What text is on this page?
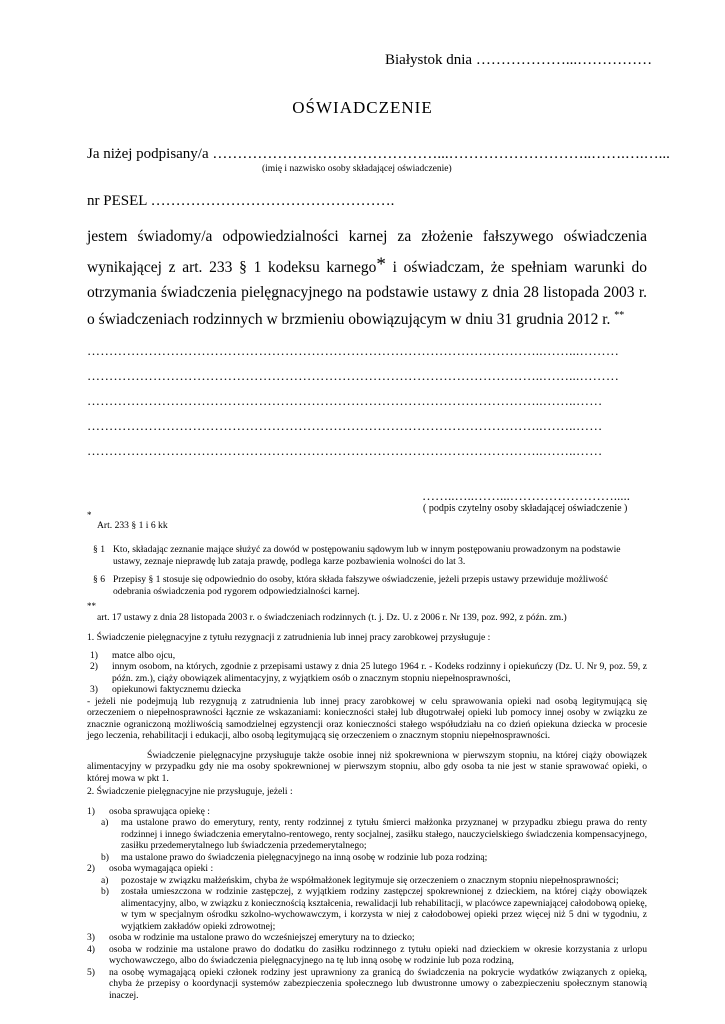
Białystok dnia ………………...……………
OŚWIADCZENIE
Ja niżej podpisany/a ………………………………………...………………………..…….….…...
(imię i nazwisko osoby składającej oświadczenie)
nr PESEL ………………………………………….
jestem świadomy/a odpowiedzialności karnej za złożenie fałszywego oświadczenia
wynikającej z art. 233 § 1 kodeksu karnego* i oświadczam, że spełniam warunki do
otrzymania świadczenia pielęgnacyjnego na podstawie ustawy z dnia 28 listopada 2003 r.
o świadczeniach rodzinnych w brzmieniu obowiązującym w dniu 31 grudnia 2012 r. **
…………………………………………………………………………………………..……...………
…………………………………………………………………………………………..……...………
…………………………………………………………………………………………..……..……
…………………………………………………………………………………………..……..……
…………………………………………………………………………………………..……..……
……..…..……...…………………….....
( podpis czytelny osoby składającej oświadczenie )
*
Art. 233 § 1 i 6 kk
§ 1 Kto, składając zeznanie mające służyć za dowód w postępowaniu sądowym lub w innym postępowaniu prowadzonym na podstawie ustawy, zeznaje nieprawdę lub zataja prawdę, podlega karze pozbawienia wolności do lat 3.
§ 6 Przepisy § 1 stosuje się odpowiednio do osoby, która składa fałszywe oświadczenie, jeżeli przepis ustawy przewiduje możliwość odebrania oświadczenia pod rygorem odpowiedzialności karnej.
**
art. 17 ustawy z dnia 28 listopada 2003 r. o świadczeniach rodzinnych (t. j. Dz. U. z 2006 r. Nr 139, poz. 992, z późn. zm.)
1. Świadczenie pielęgnacyjne z tytułu rezygnacji z zatrudnienia lub innej pracy zarobkowej przysługuje :
1) matce albo ojcu,
2) innym osobom, na których, zgodnie z przepisami ustawy z dnia 25 lutego 1964 r. - Kodeks rodzinny i opiekuńczy (Dz. U. Nr 9, poz. 59, z późn. zm.), ciąży obowiązek alimentacyjny, z wyjątkiem osób o znacznym stopniu niepełnosprawności,
3) opiekunowi faktycznemu dziecka
- jeżeli nie podejmują lub rezygnują z zatrudnienia lub innej pracy zarobkowej w celu sprawowania opieki nad osobą legitymującą się orzeczeniem o niepełnosprawności łącznie ze wskazaniami: konieczności stałej lub długotrwałej opieki lub pomocy innej osoby w związku ze znacznie ograniczoną możliwością samodzielnej egzystencji oraz konieczności stałego współudziału na co dzień opiekuna dziecka w procesie jego leczenia, rehabilitacji i edukacji, albo osobą legitymującą się orzeczeniem o znacznym stopniu niepełnosprawności.
Świadczenie pielęgnacyjne przysługuje także osobie innej niż spokrewniona w pierwszym stopniu, na której ciąży obowiązek alimentacyjny w przypadku gdy nie ma osoby spokrewnionej w pierwszym stopniu, albo gdy osoba ta nie jest w stanie sprawować opieki, o której mowa w pkt 1.
2. Świadczenie pielęgnacyjne nie przysługuje, jeżeli :
1) osoba sprawująca opiekę :
a) ma ustalone prawo do emerytury, renty, renty rodzinnej z tytułu śmierci małżonka przyznanej w przypadku zbiegu prawa do renty rodzinnej i innego świadczenia emerytalno-rentowego, renty socjalnej, zasiłku stałego, nauczycielskiego świadczenia kompensacyjnego, zasiłku przedemerytalnego lub świadczenia przedemerytalnego;
b) ma ustalone prawo do świadczenia pielęgnacyjnego na inną osobę w rodzinie lub poza rodziną;
2) osoba wymagająca opieki :
a) pozostaje w związku małżeńskim, chyba że współmałżonek legitymuje się orzeczeniem o znacznym stopniu niepełnosprawności;
b) została umieszczona w rodzinie zastępczej, z wyjątkiem rodziny zastępczej spokrewnionej z dzieckiem, na której ciąży obowiązek alimentacyjny, albo, w związku z koniecznością kształcenia, rewalidacji lub rehabilitacji, w placówce zapewniającej całodobową opiekę, w tym w specjalnym ośrodku szkolno-wychowawczym, i korzysta w niej z całodobowej opieki przez więcej niż 5 dni w tygodniu, z wyjątkiem zakładów opieki zdrowotnej;
3) osoba w rodzinie ma ustalone prawo do wcześniejszej emerytury na to dziecko;
4) osoba w rodzinie ma ustalone prawo do dodatku do zasiłku rodzinnego z tytułu opieki nad dzieckiem w okresie korzystania z urlopu wychowawczego, albo do świadczenia pielęgnacyjnego na tę lub inną osobę w rodzinie lub poza rodziną,
5) na osobę wymagającą opieki członek rodziny jest uprawniony za granicą do świadczenia na pokrycie wydatków związanych z opieką, chyba że przepisy o koordynacji systemów zabezpieczenia społecznego lub dwustronne umowy o zabezpieczeniu społecznym stanowią inaczej.
